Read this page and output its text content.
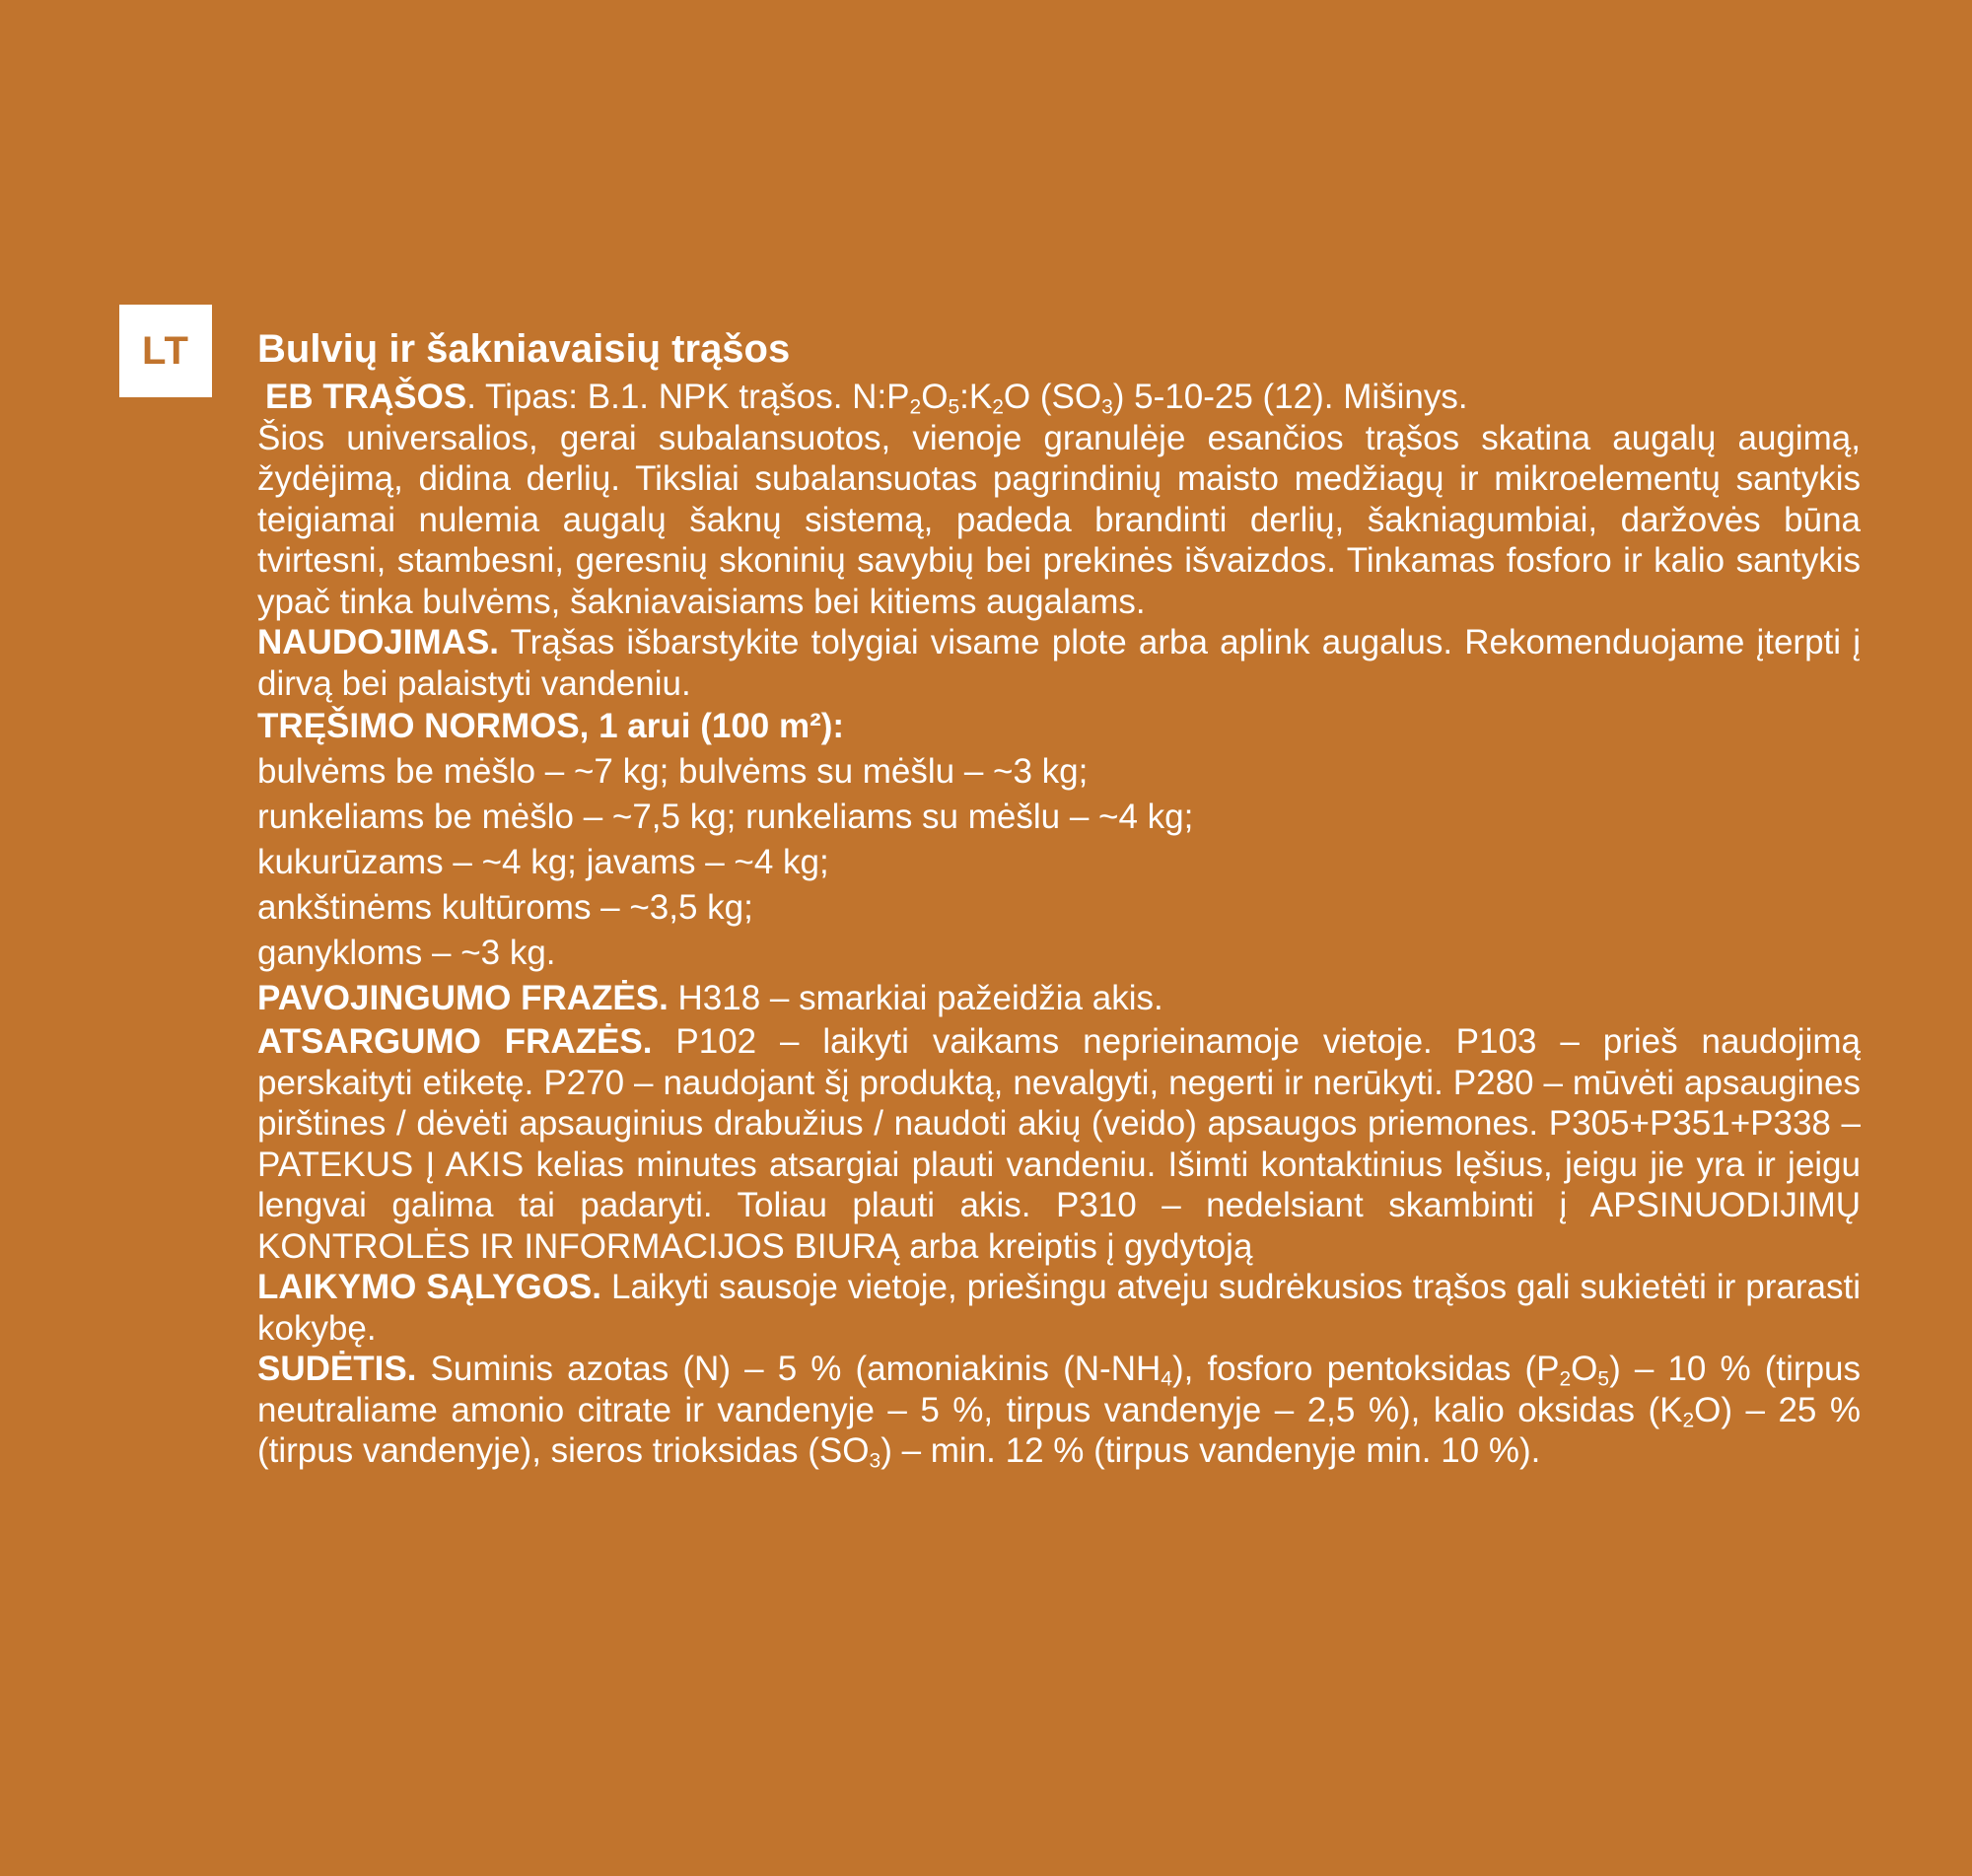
LT Bulvių ir šakniavaisių trąšos

EB TRĄŠOS. Tipas: B.1. NPK trąšos. $N:P_2O_5:K_2O$ $(SO_3)$ 5-10-25 (12). Mišinys.

Šios universalios, gerai subalansuotos, vienoje granulėje esančios trąšos skatina augalų augimą, žydėjimą, didina derlių. Tiksliai subalansuotas pagrindinių maisto medžiagų ir mikroelementų santykis teigiamai nulemia augalų šaknų sistemą, padeda brandinti derlių, šakniagumbiai, daržovės būna tvirtesni, stambesni, geresnių skoninių savybių bei prekinės išvaizdos. Tinkamas fosforo ir kalio santykis ypač tinka bulvėms, šakniavaisiams bei kitiems augalams.

NAUDOJIMAS. Trąšas išbarstykite tolygiai visame plote arba aplink augalus. Rekomenduojame įterpti į dirvą bei palaistyti vandeniu.

TRĘŠIMO NORMOS, 1 arui (100 m²):
bulvėms be mėšlo – ~7 kg; bulvėms su mėšlu – ~3 kg;
runkeliams be mėšlo – ~7,5 kg; runkeliams su mėšlu – ~4 kg;
kukurūzams – ~4 kg; javams – ~4 kg;
ankštinėms kultūroms – ~3,5 kg;
ganykloms – ~3 kg.

PAVOJINGUMO FRAZĖS. H318 – smarkiai pažeidžia akis.

ATSARGUMO FRAZĖS. P102 – laikyti vaikams neprieinamoje vietoje. P103 – prieš naudojimą perskaityti etiketę. P270 – naudojant šį produktą, nevalgyti, negerti ir nerūkyti. P280 – mūvėti apsaugines pirštines / dėvėti apsauginius drabužius / naudoti akių (veido) apsaugos priemones. P305+P351+P338 – PATEKUS Į AKIS kelias minutes atsargiai plauti vandeniu. Išimti kontaktinius lęšius, jeigu jie yra ir jeigu lengvai galima tai padaryti. Toliau plauti akis. P310 – nedelsiant skambinti į APSINUODIJIMŲ KONTROLĖS IR INFORMACIJOS BIURĄ arba kreiptis į gydytoją

LAIKYMO SĄLYGOS. Laikyti sausoje vietoje, priešingu atveju sudrėkusios trąšos gali sukietėti ir prarasti kokybę.

SUDĖTIS. Suminis azotas (N) – 5 % (amoniakinis $(N-NH_4)$, fosforo pentoksidas $(P_2O_5) - 10$ % (tirpus neutraliame amonio citrate ir vandenyje – 5 %, tirpus vandenyje – 2,5 %), kalio oksidas $(K_2O) - 25$ % (tirpus vandenyje), sieros trioksidas $(SO_3)$ – min. 12 % (tirpus vandenyje min. 10 %).
